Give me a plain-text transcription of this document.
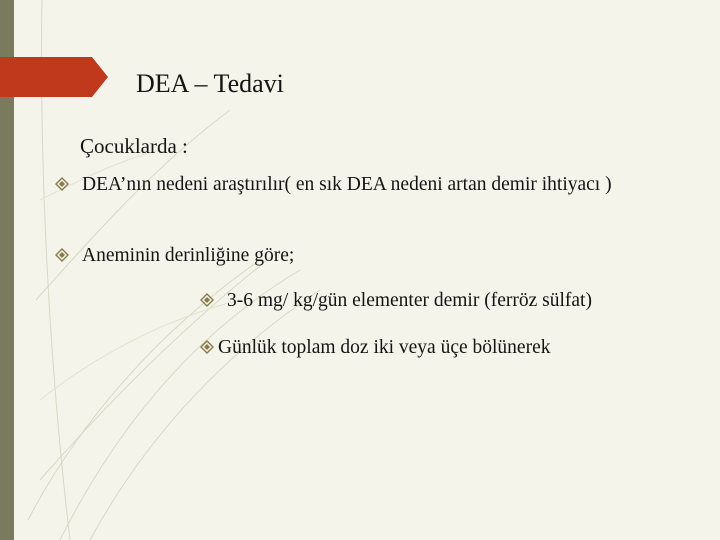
DEA – Tedavi
Çocuklarda :
DEA’nın nedeni araştırılır( en sık DEA nedeni artan demir ihtiyacı )
Aneminin derinliğine göre;
3-6 mg/ kg/gün elementer demir (ferröz sülfat)
Günlük toplam doz iki veya üçe bölünerek
